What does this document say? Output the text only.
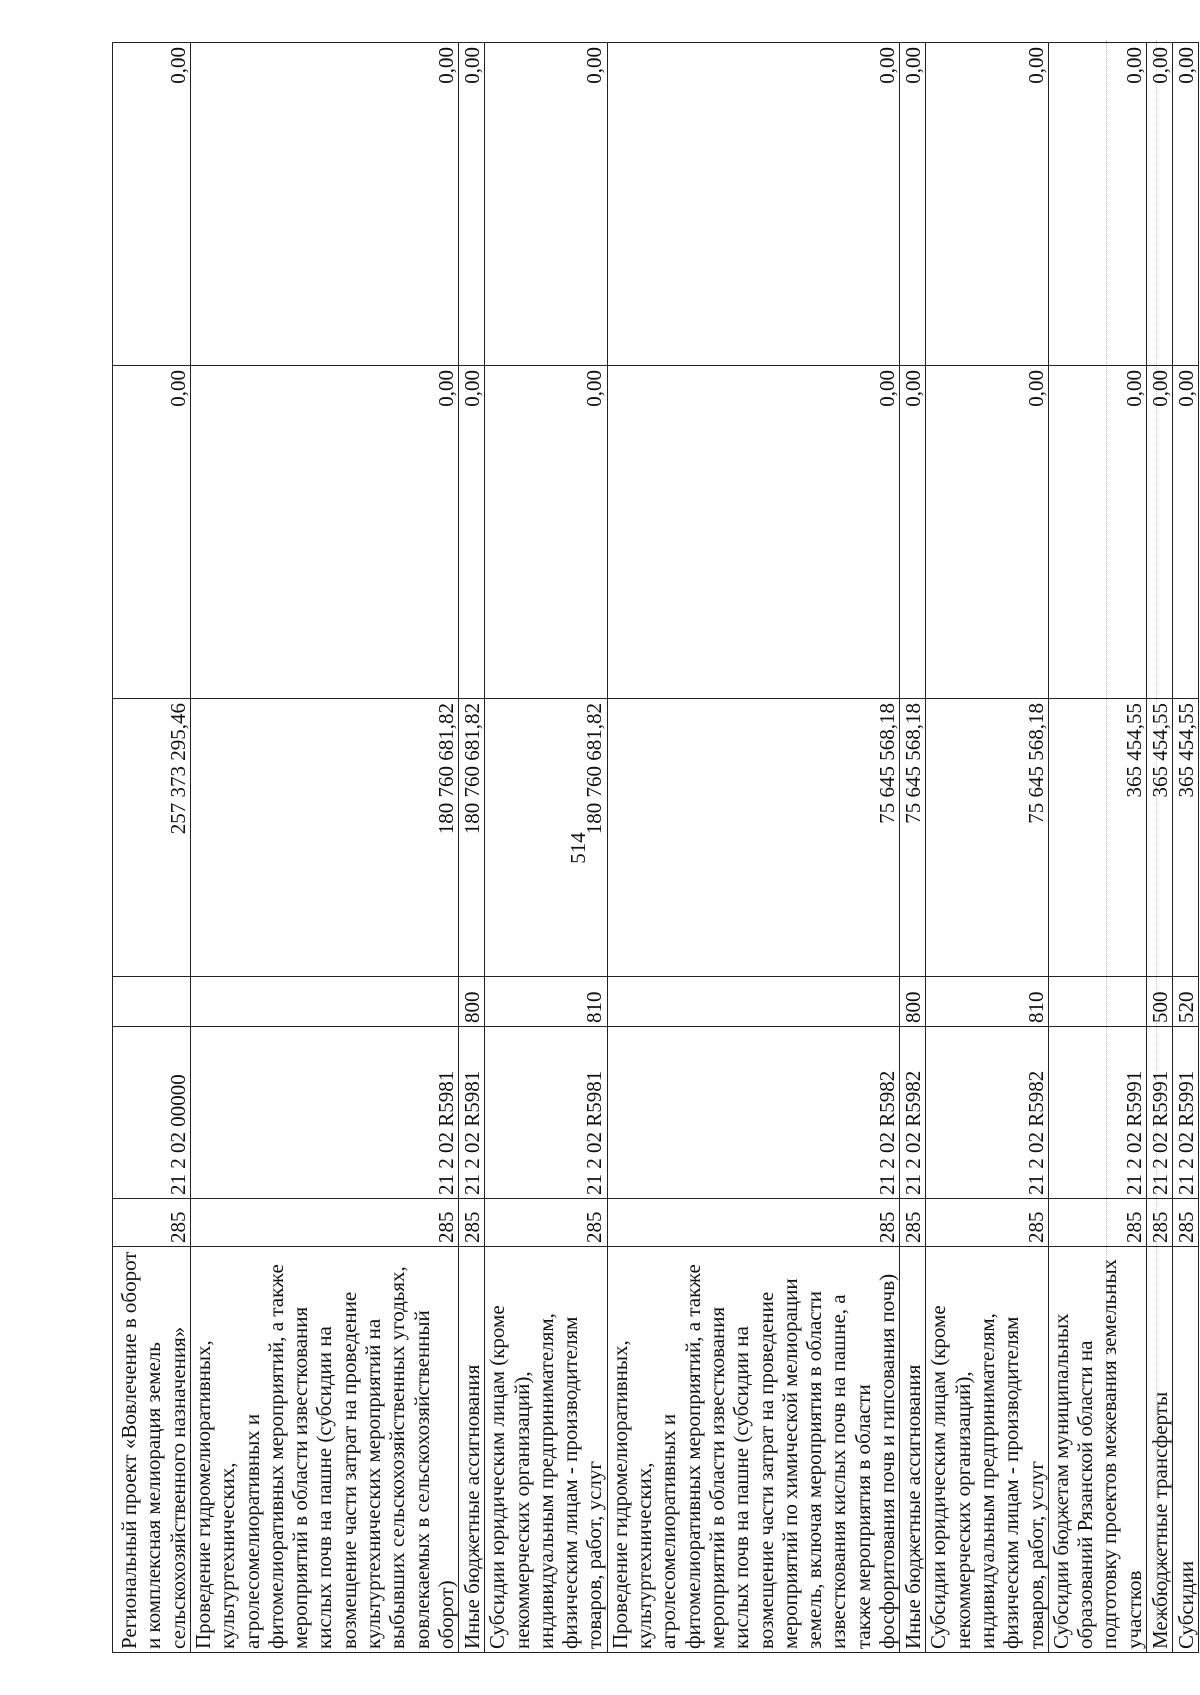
514
Региональный проект «Вовлечение в оборот и комплексная мелиорация земель сельскохозяйственного назначения»	285	21 2 02 00000		257 373 295,46	0,00	0,00
Проведение гидромелиоративных, культуртехнических, агролесомелиоративных и фитомелиоративных мероприятий, а также мероприятий в области известкования кислых почв на пашне (субсидии на возмещение части затрат на проведение культуртехнических мероприятий на выбывших сельскохозяйственных угодьях, вовлекаемых в сельскохозяйственный оборот)	285	21 2 02 R5981		180 760 681,82	0,00	0,00
Иные бюджетные ассигнования	285	21 2 02 R5981	800	180 760 681,82	0,00	0,00
Субсидии юридическим лицам (кроме некоммерческих организаций), индивидуальным предпринимателям, физическим лицам - производителям товаров, работ, услуг	285	21 2 02 R5981	810	180 760 681,82	0,00	0,00
Проведение гидромелиоративных, культуртехнических, агролесомелиоративных и фитомелиоративных мероприятий, а также мероприятий в области известкования кислых почв на пашне (субсидии на возмещение части затрат на проведение мероприятий по химической мелиорации земель, включая мероприятия в области известкования кислых почв на пашне, а также мероприятия в области фосфоритования почв и гипсования почв)	285	21 2 02 R5982		75 645 568,18	0,00	0,00
Иные бюджетные ассигнования	285	21 2 02 R5982	800	75 645 568,18	0,00	0,00
Субсидии юридическим лицам (кроме некоммерческих организаций), индивидуальным предпринимателям, физическим лицам - производителям товаров, работ, услуг	285	21 2 02 R5982	810	75 645 568,18	0,00	0,00
Субсидии бюджетам муниципальных образований Рязанской области на подготовку проектов межевания земельных участков	285	21 2 02 R5991		365 454,55	0,00	0,00
Межбюджетные трансферты	285	21 2 02 R5991	500	365 454,55	0,00	0,00
Субсидии	285	21 2 02 R5991	520	365 454,55	0,00	0,00
